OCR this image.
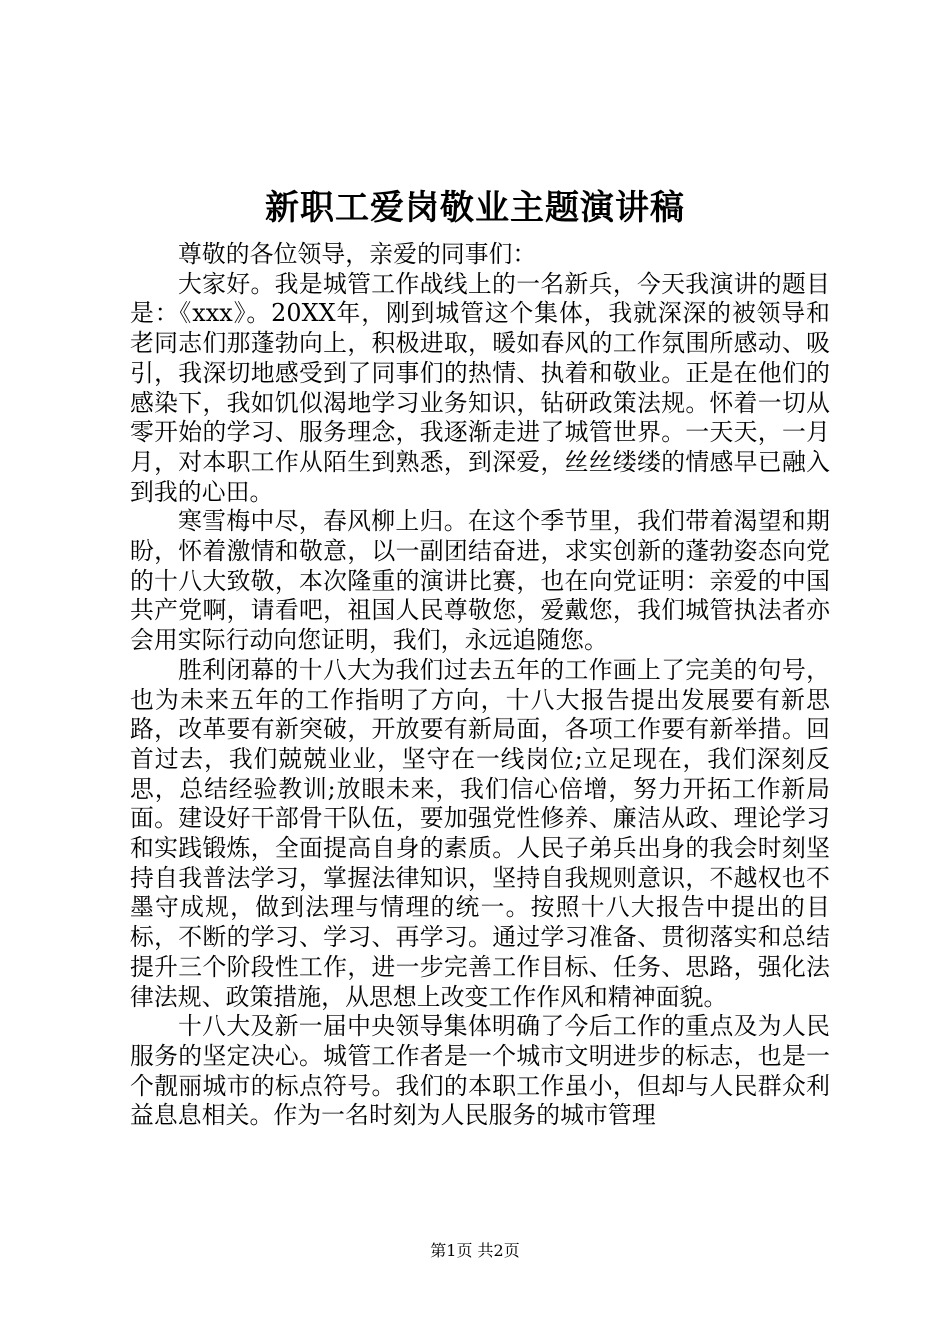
新职工爱岗敬业主题演讲稿

尊敬的各位领导，亲爱的同事们：

大家好。我是城管工作战线上的一名新兵，今天我演讲的题目是：《xxx》。20XX年，刚到城管这个集体，我就深深的被领导和老同志们那蓬勃向上，积极进取，暖如春风的工作氛围所感动、吸引，我深切地感受到了同事们的热情、执着和敬业。正是在他们的感染下，我如饥似渴地学习业务知识，钻研政策法规。怀着一切从零开始的学习、服务理念，我逐渐走进了城管世界。一天天，一月月，对本职工作从陌生到熟悉，到深爱，丝丝缕缕的情感早已融入到我的心田。

寒雪梅中尽，春风柳上归。在这个季节里，我们带着渴望和期盼，怀着激情和敬意，以一副团结奋进，求实创新的蓬勃姿态向党的十八大致敬，本次隆重的演讲比赛，也在向党证明：亲爱的中国共产党啊，请看吧，祖国人民尊敬您，爱戴您，我们城管执法者亦会用实际行动向您证明，我们，永远追随您。

胜利闭幕的十八大为我们过去五年的工作画上了完美的句号，也为未来五年的工作指明了方向，十八大报告提出发展要有新思路，改革要有新突破，开放要有新局面，各项工作要有新举措。回首过去，我们兢兢业业，坚守在一线岗位;立足现在，我们深刻反思，总结经验教训;放眼未来，我们信心倍增，努力开拓工作新局面。建设好干部骨干队伍，要加强党性修养、廉洁从政、理论学习和实践锻炼，全面提高自身的素质。人民子弟兵出身的我会时刻坚持自我普法学习，掌握法律知识，坚持自我规则意识，不越权也不墨守成规，做到法理与情理的统一。按照十八大报告中提出的目标，不断的学习、学习、再学习。通过学习准备、贯彻落实和总结提升三个阶段性工作，进一步完善工作目标、任务、思路，强化法律法规、政策措施，从思想上改变工作作风和精神面貌。

十八大及新一届中央领导集体明确了今后工作的重点及为人民服务的坚定决心。城管工作者是一个城市文明进步的标志，也是一个靓丽城市的标点符号。我们的本职工作虽小，但却与人民群众利益息息相关。作为一名时刻为人民服务的城市管理

第1页 共2页
